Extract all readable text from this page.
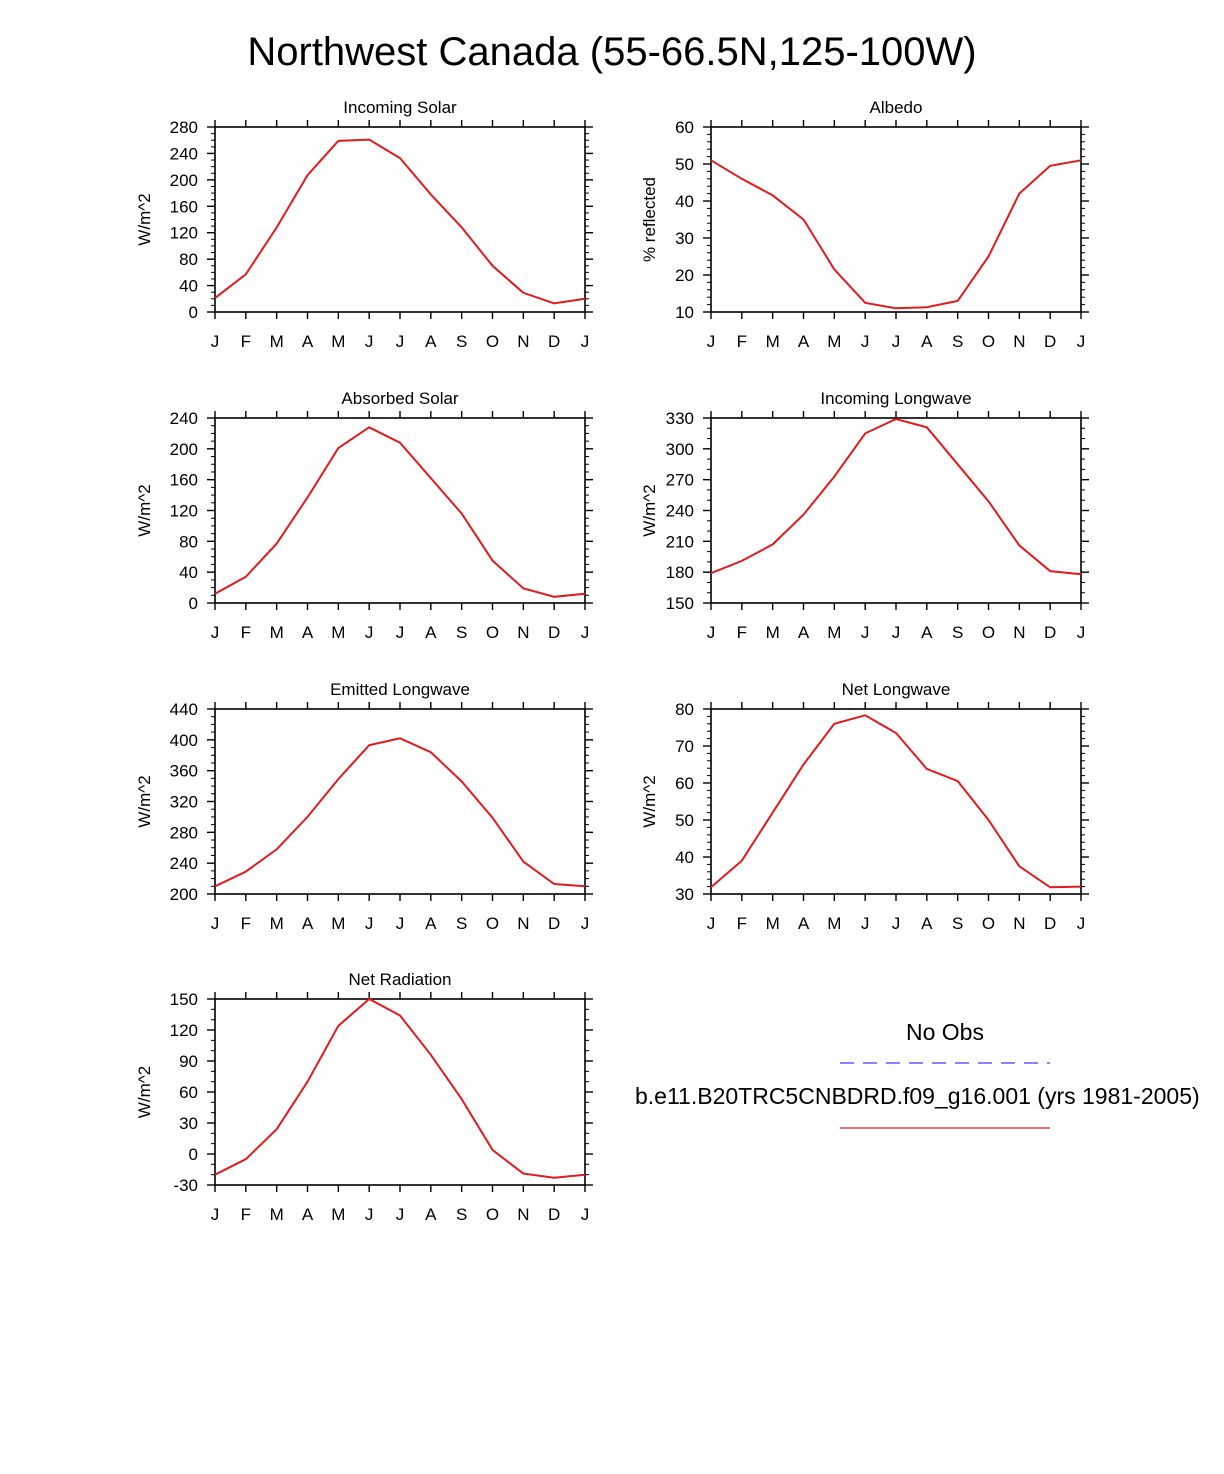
Northwest Canada (55-66.5N,125-100W)
J F M A M J J A S O N D J
0
40
80
120
160
200
240
280
Incoming Solar
W/m^2
J F M A M J J A S O N D J
10
20
30
40
50
60
Albedo
% reflected
J F M A M J J A S O N D J
0
40
80
120
160
200
240
Absorbed Solar
W/m^2
J F M A M J J A S O N D J
150
180
210
240
270
300
330
Incoming Longwave
W/m^2
J F M A M J J A S O N D J
200
240
280
320
360
400
440
Emitted Longwave
W/m^2
J F M A M J J A S O N D J
30
40
50
60
70
80
Net Longwave
W/m^2
J F M A M J J A S O N D J
-30
0
30
60
90
120
150
Net Radiation
W/m^2
No Obs
b.e11.B20TRC5CNBDRD.f09_g16.001 (yrs 1981-2005)
